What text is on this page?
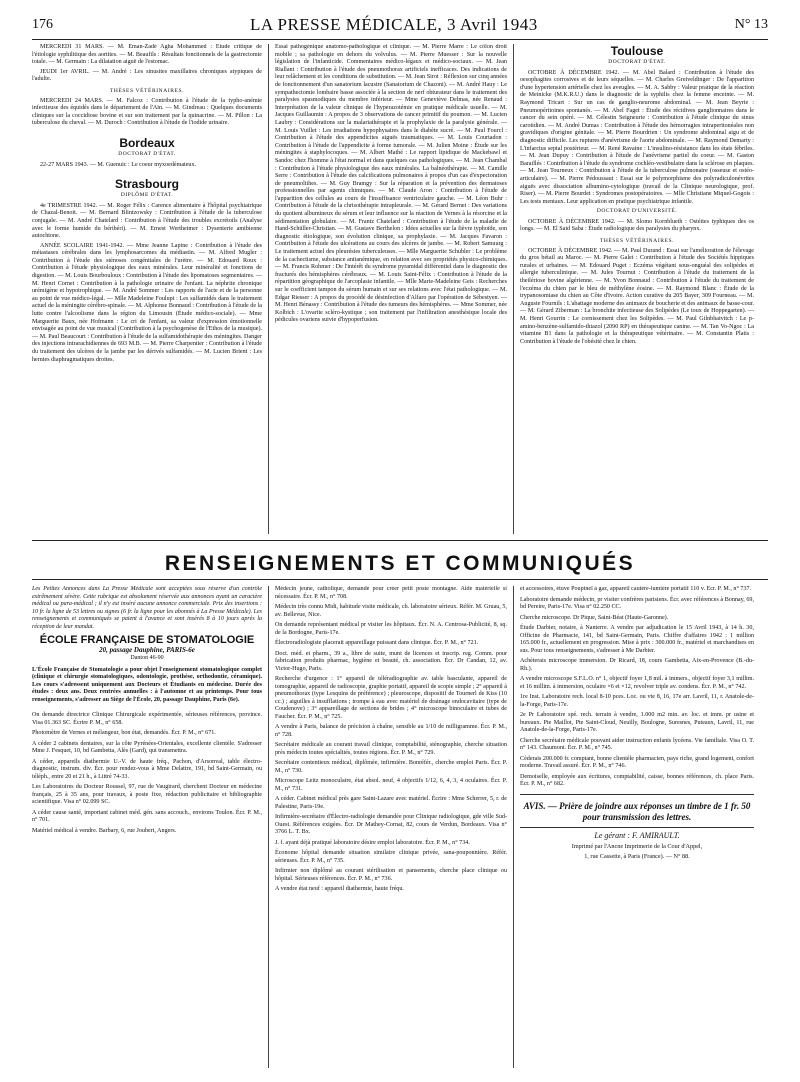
176	LA PRESSE MÉDICALE, 3 Avril 1943	N° 13

MERCREDI 31 MARS. — M. Eman-Zadé Agha Mohammed : Étude critique de l'étiologie syphilitique des aortites. — M. Beaufils : Résultats fonctionnels de la gastrectomie totale. — M. Germain : La dilatation aiguë de l'estomac.

JEUDI 1er AVRIL. — M. André : Les sinusites maxillaires chroniques atypiques de l'adulte.

THÈSES VÉTÉRINAIRES.

MERCREDI 24 MARS. — M. Falcoz : Contribution à l'étude de la typho-anémie infectieuse des équidés dans le département de l'Ain. — M. Gindreau : Quelques documents cliniques sur la coccidiose bovine et sur son traitement par la quinacrine. — M. Pillon : La tuberculose du cheval. — M. Duroch : Contribution à l'étude de l'iodide urinaire.

Bordeaux
DOCTORAT D'ÉTAT.

22-27 MARS 1943. — M. Guenuic : Le coeur myxoedémateux.

Strasbourg
DIPLÔME D'ÉTAT.

4e TRIMESTRE 1942. — M. Roger Félix : Carence alimentaire à l'hôpital psychiatrique de Chazal-Benoit. — M. Bernard Blintzowsky : Contribution à l'étude de la tuberculose conjugale. — M. André Chatelard : Contribution à l'étude des troubles excrétoils (Analyse avec le forme humide du béribéri). — M. Ernest Wertheimer : Dysenterie amibienne autochtone.

ANNÉE SCOLAIRE 1941-1942. — Mme Jeanne Lapine : Contribution à l'étude des métastases cérébrales dans les lymphosarcomes du médiastin. — M. Alfred Mugler : Contribution à l'étude des sténoses congénitales de l'urètre. — M. Edouard Roux : Contribution à l'étude physiologique des eaux minérales. Leur minéralité et fonctions de digestion. — M. Louis Bourbouloux : Contribution à l'étude des lipomatoses segmentaires. — M. Henri Cornet : Contribution à la pathologie urinaire de l'enfant. La néphrite chronique urémigène et hypotrophique. — M. André Sommer : Les rapports de l'acte et de la personne au point de vue médico-légal. — Mlle Madeleine Foulupt : Les sulfamidés dans le traitement actuel de la méningite cérébro-spinale. — M. Alphonse Bonnaud : Contribution à l'étude de la lutte contre l'alcoolisme dans la région du Limousin (Étude médico-sociale). — Mme Marguerite Baux, née Hofmann : Le cri de l'enfant, sa valeur d'expression émotionnelle envisagée au point de vue musical (Contribution à la psychogenèse de l'Ethos de la musique). — M. Paul Beaucourt : Contribution à l'étude de la sulfamidothérapie des méningites. Danger des injections intrarachidiennes de 693 M.B. — M. Pierre Charpentier : Contribution à l'étude du traitement des ulcères de la jambe par les dérivés sulfamidés. — M. Lucien Brient : Les hernies diaphragmatiques droites.

Essai pathogénique anatomo-pathologique et clinique. — M. Pierre Marre : Le côlon droit mobile ; sa pathologie en dehors du volvulus. — M. Pierre Muesser : Sur la nouvelle législation de l'infanticide. Commentaires médico-légaux et médico-sociaux. — M. Jean Riallant : Contribution à l'étude des pneumothorax artificiels inefficaces. Des indications de leur relâchement et les conditions de substitution. — M. Jean Sirot : Réflexion sur cinq années de fonctionnement d'un sanatorium lacustre (Sanatorium de Chazoni). — M. André Hauy : Le sympathectomie lombaire basse associée à la section de nerf obturateur dans le traitement des paralysies spasmodiques du membre inférieur. — Mme Geneviève Delmas, née Renaud : Interprétation de la valeur clinique de l'hyperazotémie en pratique médicale usuelle. — M. Jacques Guillaumin : A propos de 3 observations de cancer primitif du poumon. — M. Lucien Laubry : Considérations sur la malariathérapie et la prophylaxie de la paralysie générale. — M. Louis Vuillet : Les irradiations hypophysaires dans le diabète sucré. — M. Paul Fourcl : Contribution à l'étude des appendicites aiguës traumatiques. — M. Louis Courtadon : Contribution à l'étude de l'appendicite à forme tumorale. — M. Julien Moine : Étude sur les méningites à staphylocoques. — M. Albert Mathé : Le rapport lipidique de Mackebawl et Sandoc chez l'homme à l'état normal et dans quelques cas pathologiques. — M. Jean Chambal : Contribution à l'étude physiologique des eaux minérales. La balnéothérapie. — M. Camille Serre : Contribution à l'étude des calcifications pulmonaires à propos d'un cas d'expectoration de pneumolithes. — M. Guy Bramgy : Sur la réparation et la prévention des dermatoses professionnelles par agents chimiques. — M. Claude Aron : Contribution à l'étude de l'apparition des cellules au cours de l'insuffisance ventriculaire gauche. — M. Léon Buhr : Contribution à l'étude de la chrisothérapie intrapleurale. — M. Gérard Bernet : Des variations du quotient albumineux du sérum et leur influence sur la réaction de Vernes à la résorcine et la sédimentation globulaire. — M. Frantz Chatelard : Contribution à l'étude de la maladie de Hand-Schüller-Christian. — M. Gustave Berthelon : Idées actuelles sur la fièvre typhoïde, son diagnostic étiologique, son évolution clinique, sa prophylaxie. — M. Jacques Favaron : Contribution à l'étude des ulcérations au cours des ulcères de jambe. — M. Robert Samuurg : Le traitement actuel des pleurésies tuberculeuses. — Mlle Marguerite Schubler : Le problème de la cachectisme, substance antianémique, en relation avec ses propriétés physico-chimiques. — M. Francis Rohmer : De l'intérêt du syndrome pyramidal différentiel dans le diagnostic des fracturés des hémisphères cérébraux. — M. Louis Saint-Félix : Contribution à l'étude de la répartition géographique de l'arcoplasie infantile. — Mlle Marie-Madeleine Geis : Recherches sur le coefficient tampon du sérum humain et sur ses relations avec l'état pathologique. — M. Edgar Riesser : A propos du procédé de désinfection d'Alfaro par l'opération de Sébestyen. — M. Henri Bénassy : Contribution à l'étude des tumeurs des hémisphères. — Mme Sommer, née Kolbich : L'ovarite scléro-kystique ; son traitement par l'infiltration anesthésique locale des pédicules ovariens suivie d'hypoperfusion.

Toulouse
DOCTORAT D'ÉTAT.

OCTOBRE À DÉCEMBRE 1942. — M. Abel Balard : Contribution à l'étude des oesophagites corrosives et de leurs séquelles. — M. Charles Greiveldinger : De l'apparition d'une hypertension artérielle chez les aveugles. — M. A. Sabby : Valeur pratique de la réaction de Meinicke (M.K.R.U.) dans le diagnostic de la syphilis chez la femme enceinte. — M. Raymond Tricart : Sur un cas de ganglio-neurome abdominal. — M. Jean Beyrie : Pneumopéritoines spontanés. — M. Abel Faget : Étude des récidives ganglionnaires dans le cancer du sein opéré. — M. Célestin Seigneurie : Contribution à l'étude clinique du sinus carotidien. — M. André Dumas : Contribution à l'étude des hémorragies intraperitonéales non gravidiques d'origine génitale. — M. Pierre Bourdrien : Un syndrome abdominal aigu et de diagnostic difficile. Les ruptures d'anévrisme de l'aorte abdominale. — M. Raymond Demarty : L'infarctus septal postérieur. — M. René Ravaine : L'insulino-résistance dans les états fébriles. — M. Jean Dupuy : Contribution à l'étude de l'anévrisme partiel du coeur. — M. Gaston Baraillés : Contribution à l'étude du syndrome cochléo-vestibulaire dans la sclérose en plaques. — M. Jean Tourneux : Contribution à l'étude de la tuberculose pulmonaire (osseuse et ostéo-articulaire). — M. Pierre Pédoussaut : Essai sur le polymorphisme des polyradiculonévrites aiguës avec dissociation albumino-cytologique (travail de la Clinique neurologique, prof. Riser). — M. Pierre Bourdet : Syndromes postopératoires. — Mlle Christiane Miquel-Gogois : Les tests mentaux. Leur application en pratique psychiatrique infantile.

DOCTORAT D'UNIVERSITÉ.

OCTOBRE À DÉCEMBRE 1942. — M. Slomo Kornblueth : Ostéites typhiques des os longs. — M. El Said Saba : Étude radiologique des paralysies du pharynx.

THÈSES VÉTÉRINAIRES.

OCTOBRE À DÉCEMBRE 1942. — M. Paul Durand : Essai sur l'amélioration de l'élevage du gros bétail au Maroc. — M. Pierre Galet : Contribution à l'étude des Sociétés hippiques rurales et urbaines. — M. Edouard Puget : Eczéma végétant sous-onguéal des solipèdes et allergie tuberculinique. — M. Jules Tournut : Contribution à l'étude du traitement de la theilériose bovine algérienne. — M. Yvon Bonnaud : Contribution à l'étude du traitement de l'eczéma du chien par le bleu de méthylène éosine. — M. Raymond Blanc : Étude de la trypanosomiase du chien au Côte d'Ivoire. Action curative du 205 Bayer, 309 Fourneau. — M. Auguste Fournils : L'abattage moderne des animaux de boucherie et des animaux de basse-cour. — M. Gérard Ziberman : La bronchite infectieuse des Solipèdes (Le toux de Hoppegarten). — M. Henri Gourrin : Le cornissement chez les Solipèdes. — M. Paul Gilnbhaivitch : Le p-amino-benzène-sulfamido-thiazol (2090 RP) en thérapeutique canine. — M. Tan Vo-Ngoc : La vitamine B1 dans la pathologie et la thérapeutique vétérinaire. — M. Constantin Platis : Contribution à l'étude de l'obésité chez le chien.

RENSEIGNEMENTS ET COMMUNIQUÉS
Les Petites Annonces dans La Presse Médicale sont acceptées sous réserve d'un contrôle extrêmement sévère. Cette rubrique est absolument réservée aux annonces ayant un caractère médical ou para-médical ; il n'y est inséré aucune annonce commerciale. Prix des insertions : 10 fr. la ligne de 53 lettres ou signes (6 fr. la ligne pour les abonnés à La Presse Médicale). Les renseignements et communiqués se paient à l'avance et sont insérés 8 à 10 jours après la réception de leur mandat.
ÉCOLE FRANÇAISE DE STOMATOLOGIE
20, passage Dauphine, PARIS-6e
Danton 46-90
L'École Française de Stomatologie a pour objet l'enseignement stomatologique complet (clinique et chirurgie stomatologiques, odontologie, prothèse, orthodontie, céramique). Les cours s'adressent uniquement aux Docteurs et Étudiants en médecine. Durée des études : deux ans. Deux rentrées annuelles : à l'automne et au printemps. Pour tous renseignements, s'adresser au Siège de l'École, 20, passage Dauphine, Paris (6e).
On demande directrice Clinique Chirurgicale expérimentée, sérieuses références, province. Visa 01.363 SC. Écrire P. M., n° 658.
Photomètre de Vernes et mélangeur, bon état, demandés. Écr. P. M., n° 671.
A céder 2 cabinets dentaires, sur la côte Pyrénées-Orientales, excellente clientèle. S'adresser Mme J. Fesquet, 10, bd Gambetta, Alès (Gard), qui transmettra.
A céder, appareils diathermie U.-V. de haute fréq., Pachon, d'Arsonval, table électro-diagnostic, instrum. div. Écr. pour rendez-vous à Mme Delattre, 191, bd Saint-Germain, ou téléph., entre 20 et 21 h., à Littré 74-33.
Les Laboratoires du Docteur Roussel, 97, rue de Vaugirard, cherchent Docteur en médecine français, 25 à 35 ans, pour travaux, à poste fixe, rédaction publicitaire et bibliographie scientifique. Visa n° 02.099 SC.
A céder cause santé, important cabinet méd. gén. sans accouch., environs Toulon. Écr. P. M., n° 701.
Matériel médical à vendre. Barbary, 6, rue Joubert, Angers.
Médecin jeune, catholique, demandé pour créer petit poste montagne. Aide matérielle si nécessaire. Écr. P. M., n° 708.
Médecin très connu Midi, habitude visite médicale, ch. laboratoire sérieux. Référ. M. Gruau, 5, av. Bellevue, Nice.
On demande représentant médical pr visiter les hôpitaux. Écr. N. A. Centrosa-Publicité, 8, sq. de la Bordogne, Paris-17e.
Électroradiologiste placerait appareillage puissant dans clinique. Écr. P. M., n° 721.
Doct. méd. et pharm., 39 a., libre de suite, muni de licences et inscrip. reg. Comm. pour fabrication produits pharmac, hygiène et beauté, ch. association. Écr. Dr Candan, 12, av. Victor-Hugo, Paris.
Recherche d'urgence : 1° appareil de téléradiographie av. table basculante, appareil de tomographie, appareil de radioscopie, graphie portatif, appareil de scopie simple ; 2° appareil à pneumothorax (type Lesquins de préférence) ; pleuroscope, dispositif de Tournerl de Kiss (10 cc.) ; aiguilles à insufflations ; trompe à eau avec matériel de drainage endocavitaire (type de Coudenove) ; 3° appareillage de sections de brides ; 4° microscope binoculaire et tubes de Faucher. Écr. P. M., n° 725.
A vendre à Paris, balance de précision à chaîne, sensible au 1/10 de milligramme. Écr. P. M., n° 728.
Secrétaire médicale au courant travail clinique, comptabilité, sténographie, cherche situation près médecin toutes spécialités, toutes régions. Écr. P. M., n° 729.
Secrétaire contentieux médical, diplômée, infirmière. Bonréfér., cherche emploi Paris. Écr. P. M., n° 730.
Microscope Leitz monoculaire, état absol. neuf, 4 objectifs 1/12, 6, 4, 3, 4 oculaires. Écr. P. M., n° 731.
A céder. Cabinet médical près gare Saint-Lazare avec matériel. Écrire : Mme Scherrer, 5, r. de Palestine, Paris-19e.
Infirmière-secrétaire d'Électro-radiologie demandée pour Clinique radiologique, gde ville Sud-Ouest. Références exigées. Écr. Dr Mathey-Cornat, 82, cours de Verdun, Bordeaux. Visa n° 3766 L. T. Bx.
J. f. ayant déjà pratiqué laboratoire désire emploi laboratoire. Écr. P. M., n° 734.
Économe hôpital demande situation similaire clinique privée, sana-pouponnière. Référ. sérieuses. Écr. P. M., n° 735.
Infirmier non diplômé au courant stérilisation et pansements, cherche place clinique ou hôpital. Sérieuses références. Écr. P. M., n° 736.
A vendre état neuf : appareil diathermie, haute fréqu.
et accessoires, étuve Poupinel à gaz, appareil cautère-lumière portatif 110 v. Écr. P. M., n° 737.
Laboratoire demande médecin, pr visiter confrères parisiens. Écr. avec références à Bonnay, 69, bd Pereire, Paris-17e. Visa n° 02.250 CC.
Cherche microscope. Dr Pique, Saint-Béat (Haute-Garonne).
Étude Darbier, notaire, à Nanterre. A vendre par adjudication le 15 Avril 1943, à 14 h. 30, Officine de Pharmacie, 141, bd Saint-Germain, Paris. Chiffre d'affaires 1942 : 1 million 165.000 fr., actuellement en progression. Mise à prix : 300.000 fr., matériel et marchandises en sus. Pour tous renseignements, s'adresser à Me Darbier.
Achèterais microscope immersion. Dr Ricard, 18, cours Gambetta, Aix-en-Provence (B.-du-Rh.).
A vendre microscope S.F.L.O. n° 1, objectif foyer 1,8 mil. à immers., objectif foyer 3,1 millim. et 16 millim. à immersion, oculaire ×6 et ×12, revolver triple av. condens. Écr. P. M., n° 742.
1re Inst. Laboratoire rech. local 8-10 pces. Loc. ou vte 8, 16, 17e arr. Lavril, 11, r. Anatole-de-la-Forge, Paris-17e.
2e Pr Laboratoire spé. rech. terrain à vendre, 1.000 m2 min. av. loc. et imm. pr usine et bureaux. Pte Maillot, Pte Saint-Cloud, Neuilly, Boulogne, Suresnes, Puteaux, Lavril, 11, rue Anatole-de-la-Forge, Paris-17e.
Cherche secrétaire médicale pouvant aider instruction enfants lycéens. Vie familiale. Visa O. T. n° 143. Chaumont. Écr. P. M., n° 745.
Cèderais 200.000 fr. comptant, bonne clientèle pharmacien, pays riche, grand logement, confort moderne. Travail assuré. Écr. P. M., n° 746.
Demoiselle, employée aux écritures, comptabilité, caisse, bonnes références, ch. place Paris. Écr. P. M., n° 682.
AVIS. — Prière de joindre aux réponses un timbre de 1 fr. 50 pour transmission des lettres.
Le gérant : F. AMIRAULT.
Imprimé par l'Ancne Imprimerie de la Cour d'Appel,
1, rue Cassette, à Paris (France). — N° 88.
